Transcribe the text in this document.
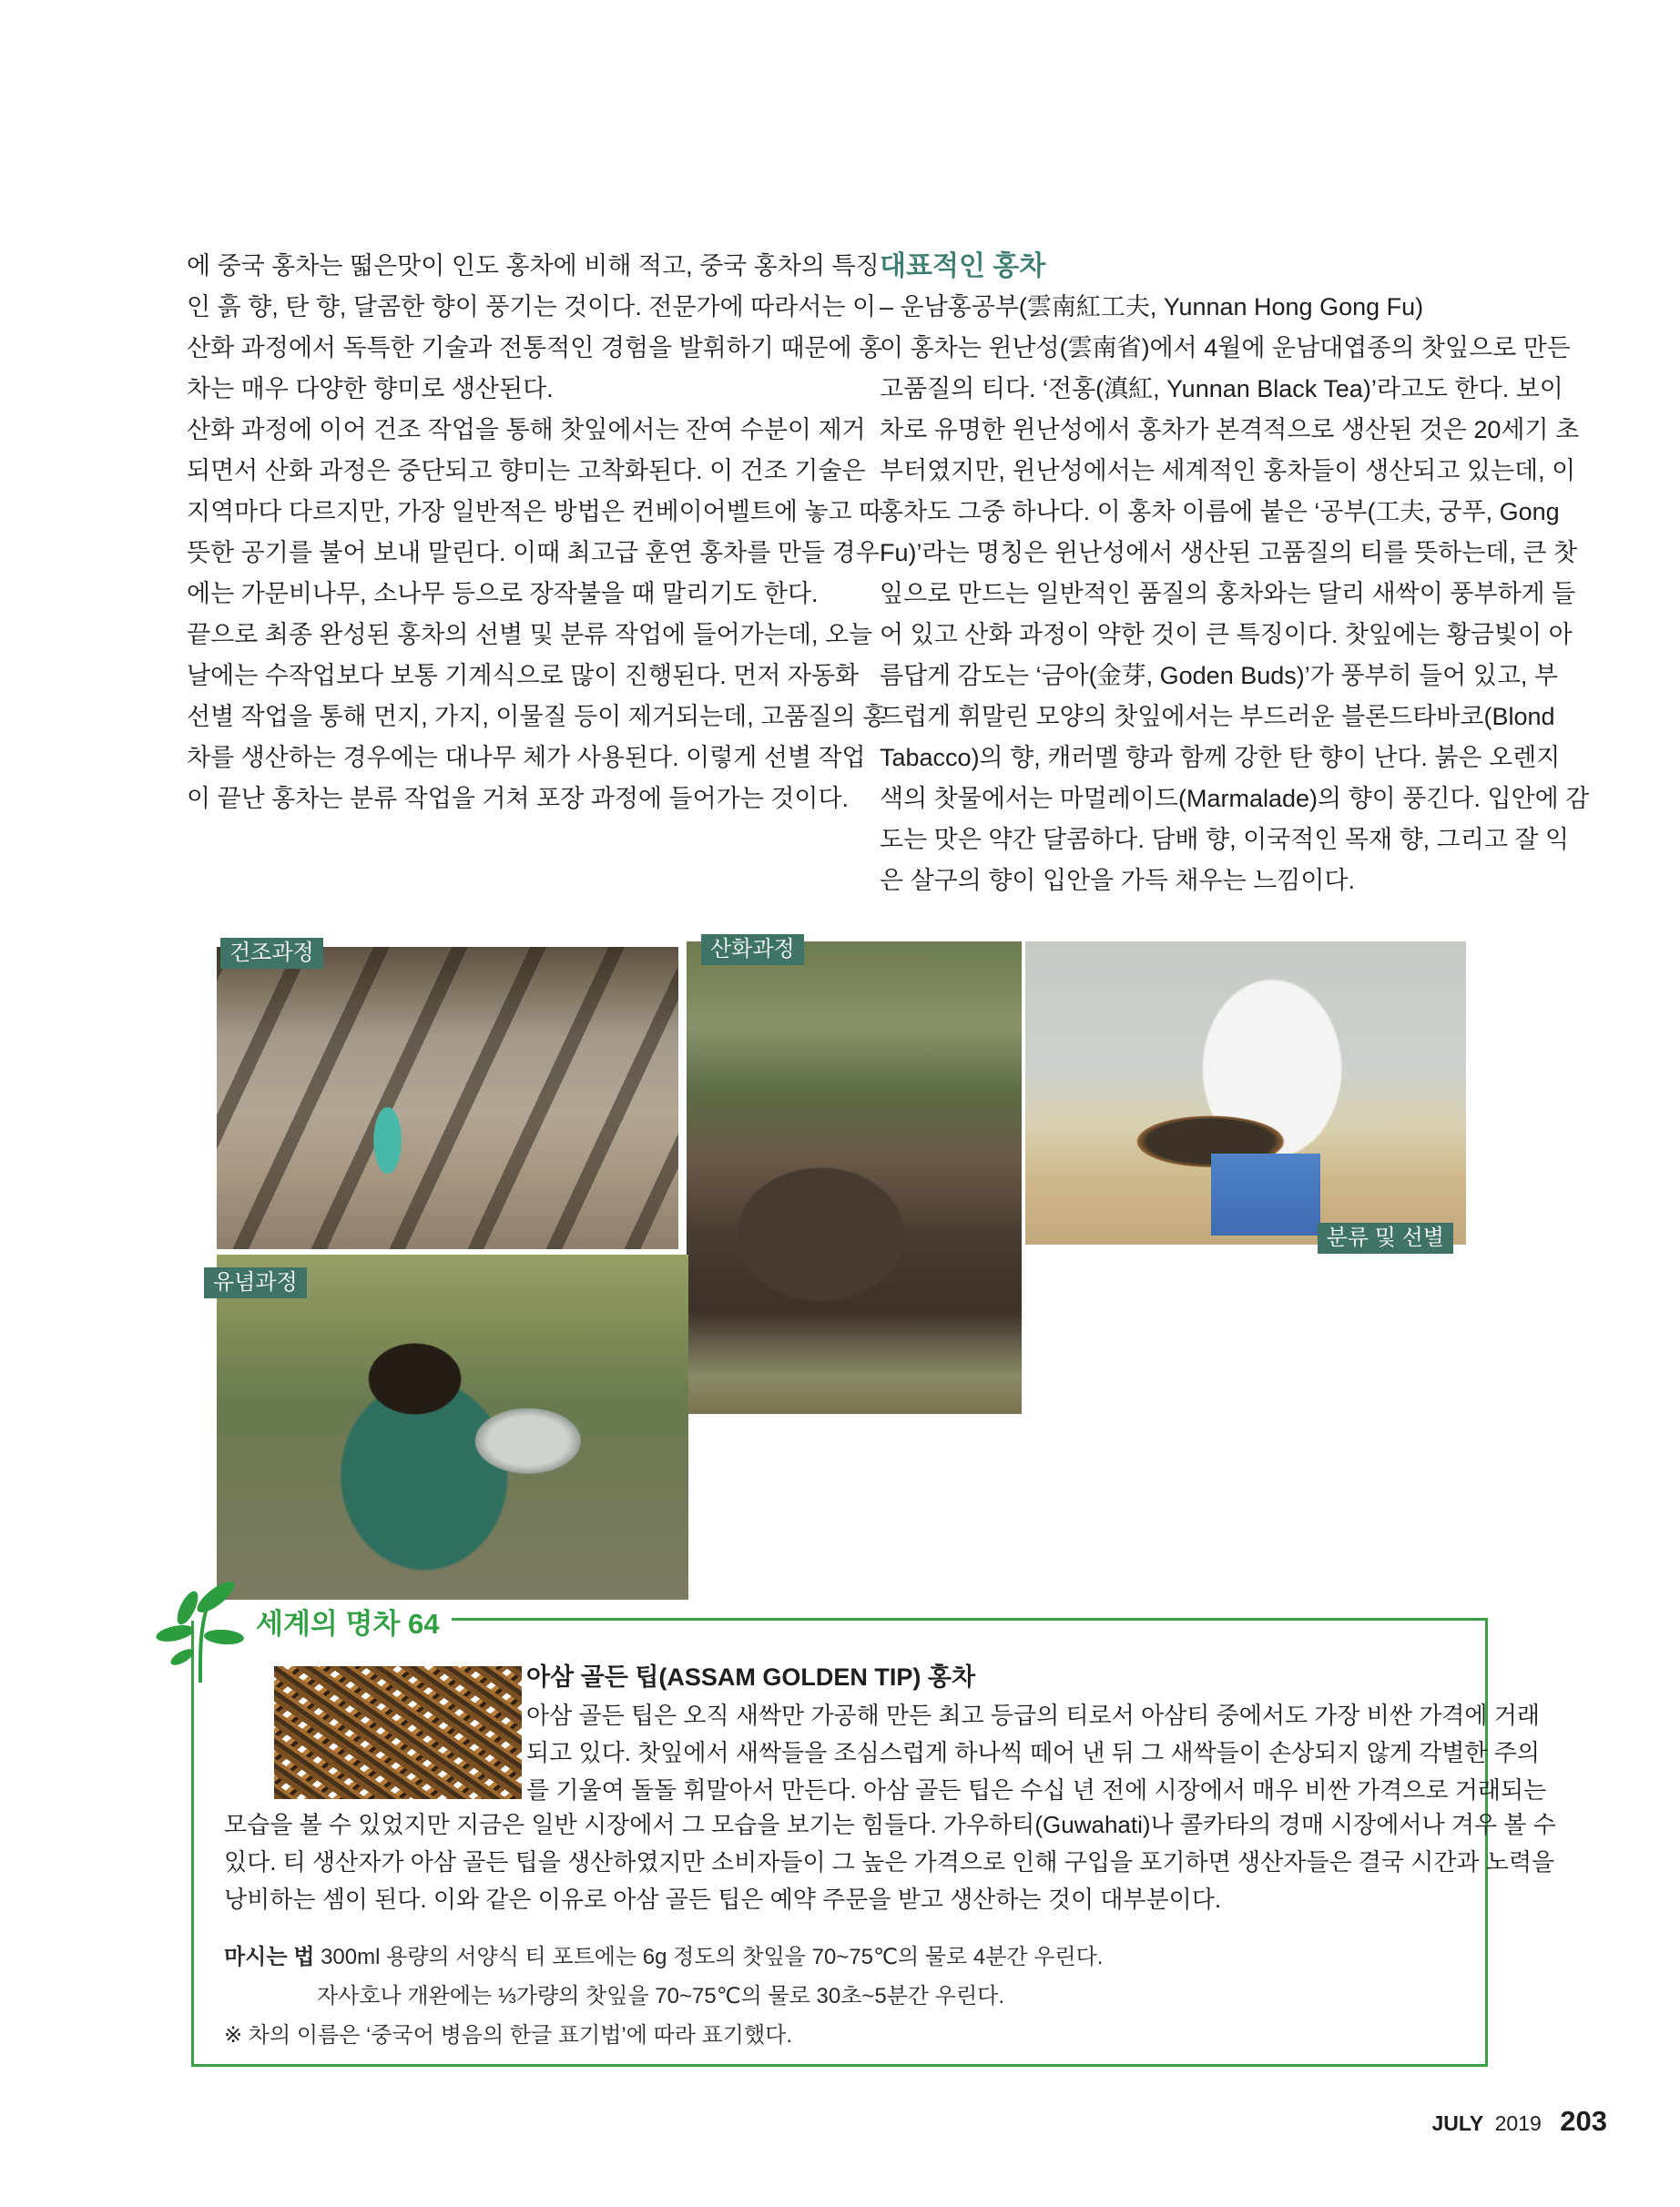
에 중국 홍차는 떫은맛이 인도 홍차에 비해 적고, 중국 홍차의 특징
인 흙 향, 탄 향, 달콤한 향이 풍기는 것이다. 전문가에 따라서는 이
산화 과정에서 독특한 기술과 전통적인 경험을 발휘하기 때문에 홍
차는 매우 다양한 향미로 생산된다.
산화 과정에 이어 건조 작업을 통해 찻잎에서는 잔여 수분이 제거
되면서 산화 과정은 중단되고 향미는 고착화된다. 이 건조 기술은
지역마다 다르지만, 가장 일반적은 방법은 컨베이어벨트에 놓고 따
뜻한 공기를 불어 보내 말린다. 이때 최고급 훈연 홍차를 만들 경우
에는 가문비나무, 소나무 등으로 장작불을 때 말리기도 한다.
끝으로 최종 완성된 홍차의 선별 및 분류 작업에 들어가는데, 오늘
날에는 수작업보다 보통 기계식으로 많이 진행된다. 먼저 자동화
선별 작업을 통해 먼지, 가지, 이물질 등이 제거되는데, 고품질의 홍
차를 생산하는 경우에는 대나무 체가 사용된다. 이렇게 선별 작업
이 끝난 홍차는 분류 작업을 거쳐 포장 과정에 들어가는 것이다.
대표적인 홍차
– 운남홍공부(雲南紅工夫, Yunnan Hong Gong Fu)
이 홍차는 윈난성(雲南省)에서 4월에 운남대엽종의 찻잎으로 만든
고품질의 티다. ‘전홍(滇紅, Yunnan Black Tea)’라고도 한다. 보이
차로 유명한 윈난성에서 홍차가 본격적으로 생산된 것은 20세기 초
부터였지만, 윈난성에서는 세계적인 홍차들이 생산되고 있는데, 이
홍차도 그중 하나다. 이 홍차 이름에 붙은 ‘공부(工夫, 궁푸, Gong
Fu)’라는 명칭은 윈난성에서 생산된 고품질의 티를 뜻하는데, 큰 찻
잎으로 만드는 일반적인 품질의 홍차와는 달리 새싹이 풍부하게 들
어 있고 산화 과정이 약한 것이 큰 특징이다. 찻잎에는 황금빛이 아
름답게 감도는 ‘금아(金芽, Goden Buds)’가 풍부히 들어 있고, 부
드럽게 휘말린 모양의 찻잎에서는 부드러운 블론드타바코(Blond
Tabacco)의 향, 캐러멜 향과 함께 강한 탄 향이 난다. 붉은 오렌지
색의 찻물에서는 마멀레이드(Marmalade)의 향이 풍긴다. 입안에 감
도는 맛은 약간 달콤하다. 담배 향, 이국적인 목재 향, 그리고 잘 익
은 살구의 향이 입안을 가득 채우는 느낌이다.
건조과정	산화과정
분류 및 선별
유념과정
세계의 명차 64
아삼 골든 팁(ASSAM GOLDEN TIP) 홍차
아삼 골든 팁은 오직 새싹만 가공해 만든 최고 등급의 티로서 아삼티 중에서도 가장 비싼 가격에 거래
되고 있다. 찻잎에서 새싹들을 조심스럽게 하나씩 떼어 낸 뒤 그 새싹들이 손상되지 않게 각별한 주의
를 기울여 돌돌 휘말아서 만든다. 아삼 골든 팁은 수십 년 전에 시장에서 매우 비싼 가격으로 거래되는
모습을 볼 수 있었지만 지금은 일반 시장에서 그 모습을 보기는 힘들다. 가우하티(Guwahati)나 콜카타의 경매 시장에서나 겨우 볼 수
있다. 티 생산자가 아삼 골든 팁을 생산하였지만 소비자들이 그 높은 가격으로 인해 구입을 포기하면 생산자들은 결국 시간과 노력을
낭비하는 셈이 된다. 이와 같은 이유로 아삼 골든 팁은 예약 주문을 받고 생산하는 것이 대부분이다.
마시는 법 300ml 용량의 서양식 티 포트에는 6g 정도의 찻잎을 70~75℃의 물로 4분간 우린다.
자사호나 개완에는 ⅓가량의 찻잎을 70~75℃의 물로 30초~5분간 우린다.
※ 차의 이름은 ‘중국어 병음의 한글 표기법’에 따라 표기했다.
JULY 2019 203
